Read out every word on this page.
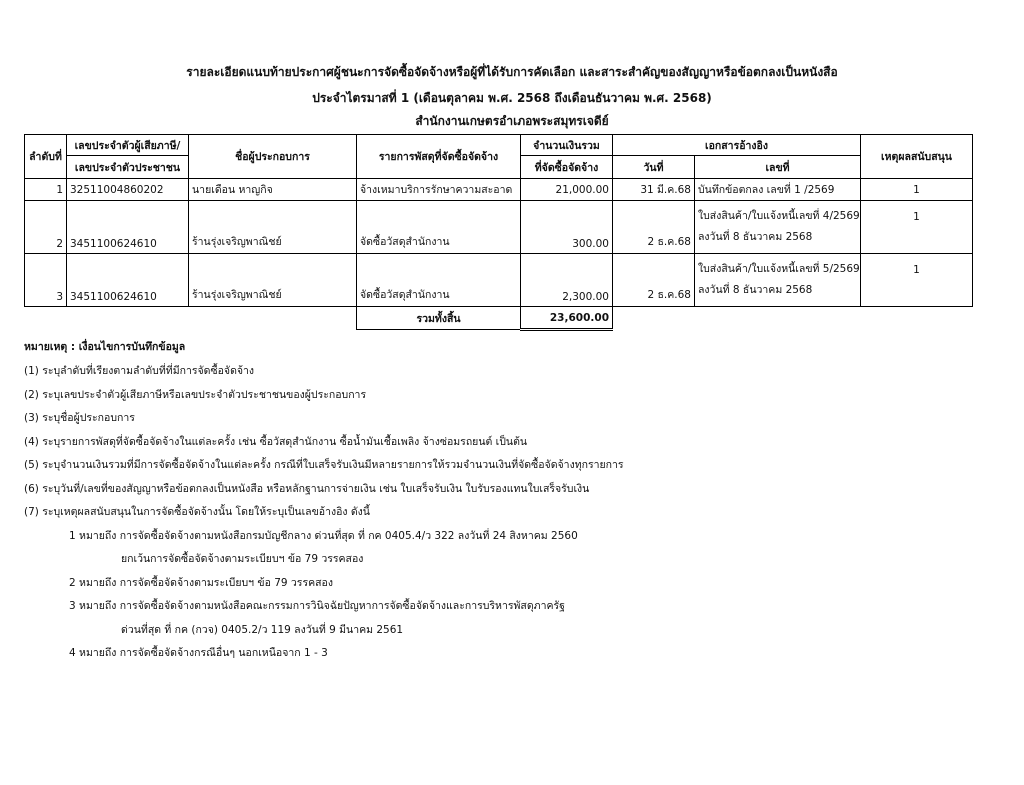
รายละเอียดแนบท้ายประกาศผู้ชนะการจัดซื้อจัดจ้างหรือผู้ที่ได้รับการคัดเลือก และสาระสำคัญของสัญญาหรือข้อตกลงเป็นหนังสือ
ประจำไตรมาสที่ 1 (เดือนตุลาคม พ.ศ. 2568 ถึงเดือนธันวาคม พ.ศ. 2568)
สำนักงานเกษตรอำเภอพระสมุทรเจดีย์
ลำดับที่	เลขประจำตัวผู้เสียภาษี/	ชื่อผู้ประกอบการ	รายการพัสดุที่จัดซื้อจัดจ้าง	จำนวนเงินรวม	เอกสารอ้างอิง		เหตุผลสนับสนุน
	เลขประจำตัวประชาชน			ที่จัดซื้อจัดจ้าง	วันที่	เลขที่	
1	32511004860202	นายเดือน หาญกิจ	จ้างเหมาบริการรักษาความสะอาด	21,000.00	31 มี.ค.68	บันทึกข้อตกลง เลขที่ 1 /2569	1
2	3451100624610	ร้านรุ่งเจริญพาณิชย์	จัดซื้อวัสดุสำนักงาน	300.00	2 ธ.ค.68	ใบส่งสินค้า/ใบแจ้งหนี้เลขที่ 4/2569
ลงวันที่ 8 ธันวาคม 2568	1
3	3451100624610	ร้านรุ่งเจริญพาณิชย์	จัดซื้อวัสดุสำนักงาน	2,300.00	2 ธ.ค.68	ใบส่งสินค้า/ใบแจ้งหนี้เลขที่ 5/2569
ลงวันที่ 8 ธันวาคม 2568	1
			รวมทั้งสิ้น	23,600.00			
หมายเหตุ : เงื่อนไขการบันทึกข้อมูล
(1) ระบุลำดับที่เรียงตามลำดับที่ที่มีการจัดซื้อจัดจ้าง
(2) ระบุเลขประจำตัวผู้เสียภาษีหรือเลขประจำตัวประชาชนของผู้ประกอบการ
(3) ระบุชื่อผู้ประกอบการ
(4) ระบุรายการพัสดุที่จัดซื้อจัดจ้างในแต่ละครั้ง เช่น ซื้อวัสดุสำนักงาน ซื้อน้ำมันเชื้อเพลิง จ้างซ่อมรถยนต์ เป็นต้น
(5) ระบุจำนวนเงินรวมที่มีการจัดซื้อจัดจ้างในแต่ละครั้ง กรณีที่ใบเสร็จรับเงินมีหลายรายการให้รวมจำนวนเงินที่จัดซื้อจัดจ้างทุกรายการ
(6) ระบุวันที่/เลขที่ของสัญญาหรือข้อตกลงเป็นหนังสือ หรือหลักฐานการจ่ายเงิน เช่น ใบเสร็จรับเงิน ใบรับรองแทนใบเสร็จรับเงิน
(7) ระบุเหตุผลสนับสนุนในการจัดซื้อจัดจ้างนั้น โดยให้ระบุเป็นเลขอ้างอิง ดังนี้
1 หมายถึง การจัดซื้อจัดจ้างตามหนังสือกรมบัญชีกลาง ด่วนที่สุด ที่ กค 0405.4/ว 322 ลงวันที่ 24 สิงหาคม 2560
ยกเว้นการจัดซื้อจัดจ้างตามระเบียบฯ ข้อ 79 วรรคสอง
2 หมายถึง การจัดซื้อจัดจ้างตามระเบียบฯ ข้อ 79 วรรคสอง
3 หมายถึง การจัดซื้อจัดจ้างตามหนังสือคณะกรรมการวินิจฉัยปัญหาการจัดซื้อจัดจ้างและการบริหารพัสดุภาครัฐ
ด่วนที่สุด ที่ กค (กวจ) 0405.2/ว 119 ลงวันที่ 9 มีนาคม 2561
4 หมายถึง การจัดซื้อจัดจ้างกรณีอื่นๆ นอกเหนือจาก 1 - 3
